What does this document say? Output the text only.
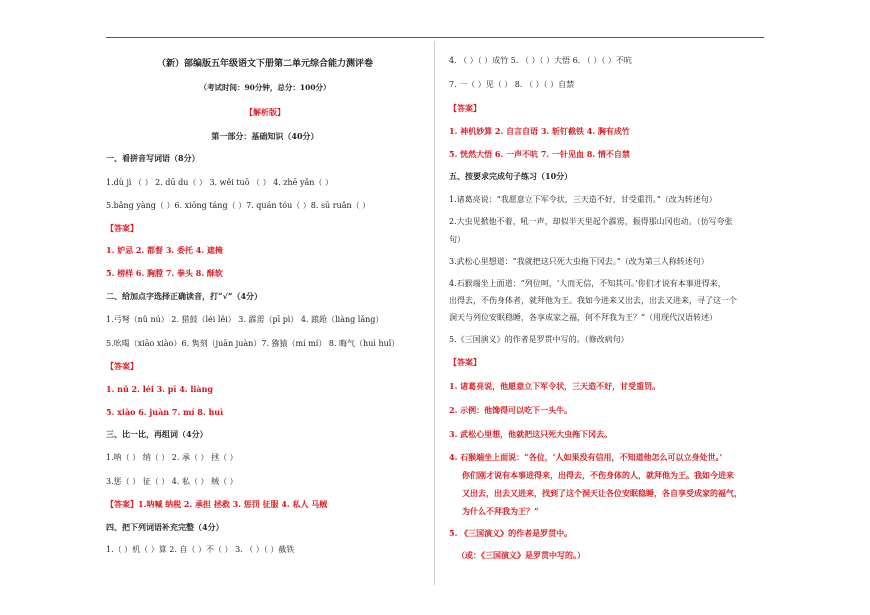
（新）部编版五年级语文下册第二单元综合能力测评卷
（考试时间：90分钟，总分：100分）
【解析版】
第一部分：基础知识（40分）
一、看拼音写词语（8分）
1.dù jì （ ） 2. dū du（ ） 3. wěi tuō （ ） 4. zhē yǎn（ ）
5.bǎng yàng（ ）6. xiōng táng（ ）7. quán tóu（ ）8. sū ruǎn（ ）
【答案】
1. 妒忌 2. 都督 3. 委托 4. 遮掩
5. 榜样 6. 胸膛 7. 拳头 8. 酥软
二、给加点字选择正确读音，打“√”（4分）
1.弓弩（nǔ nú） 2. 猎鼓（léi lěi） 3. 霹雳（pī pì） 4. 踉跄（liàng lǎng）
5.吆喝（xiāo xiào）6. 隽刻（juān juàn）7. 猕猿（mí mí） 8. 晦气（huì huǐ）
【答案】
1. nǔ 2. léi 3. pī 4. liàng
5. xiào 6. juàn 7. mí 8. huì
三、比一比，再组词（4分）
1.呐（ ） 纳（ ） 2. 承（ ） 拯（ ）
3.惩（ ） 征（ ） 4. 私（ ） 贼（ ）
【答案】1.呐喊 纳税 2. 承担 拯救 3. 惩罚 征服 4. 私人 马贼
四、把下列词语补充完整（4分）
1.（ ）机（ ）算 2. 自（ ）不（ ） 3. （ ）（ ）截铁
4. （ ）（ ）成竹 5. （ ）（ ）大悟 6. （ ）（ ）不吭
7. 一（ ）见（ ） 8. （ ）（ ）自禁
【答案】
1. 神机妙算 2. 自言自语 3. 斩钉截铁 4. 胸有成竹
5. 恍然大悟 6. 一声不吭 7. 一针见血 8. 情不自禁
五、按要求完成句子练习（10分）
1.诸葛亮说：“我愿意立下军令状，三天造不好，甘受重罚。”（改为转述句）
2.大虫见掀他不着，吼一声，却似半天里起个霹雳，振得那山冈也动。（仿写夸张
句）
3.武松心里想道：“我就把这只死大虫拖下冈去。”（改为第三人称转述句）
4.石猴端坐上面道：“列位呵，‘人而无信，不知其可。’你们才说有本事进得来，
出得去，不伤身体者，就拜他为王。我如今进来又出去，出去又进来，寻了这一个
洞天与列位安眠稳睡，各享成家之福，何不拜我为王？”（用现代汉语转述）
5.《三国演义》的作者是罗贯中写的。（修改病句）
【答案】
1. 诸葛亮说，他愿意立下军令状，三天造不好，甘受重罚。
2. 示例：他馋得可以吃下一头牛。
3. 武松心里想，他就把这只死大虫拖下冈去。
4. 石猴端坐上面说：“各位，‘人如果没有信用，不知道他怎么可以立身处世。’
你们刚才说有本事进得来，出得去，不伤身体的人，就拜他为王。我如今进来
又出去，出去又进来，找到了这个洞天让各位安眠稳睡，各自享受成家的福气，
为什么不拜我为王？”
5. 《三国演义》的作者是罗贯中。
（或：《三国演义》是罗贯中写的。）
